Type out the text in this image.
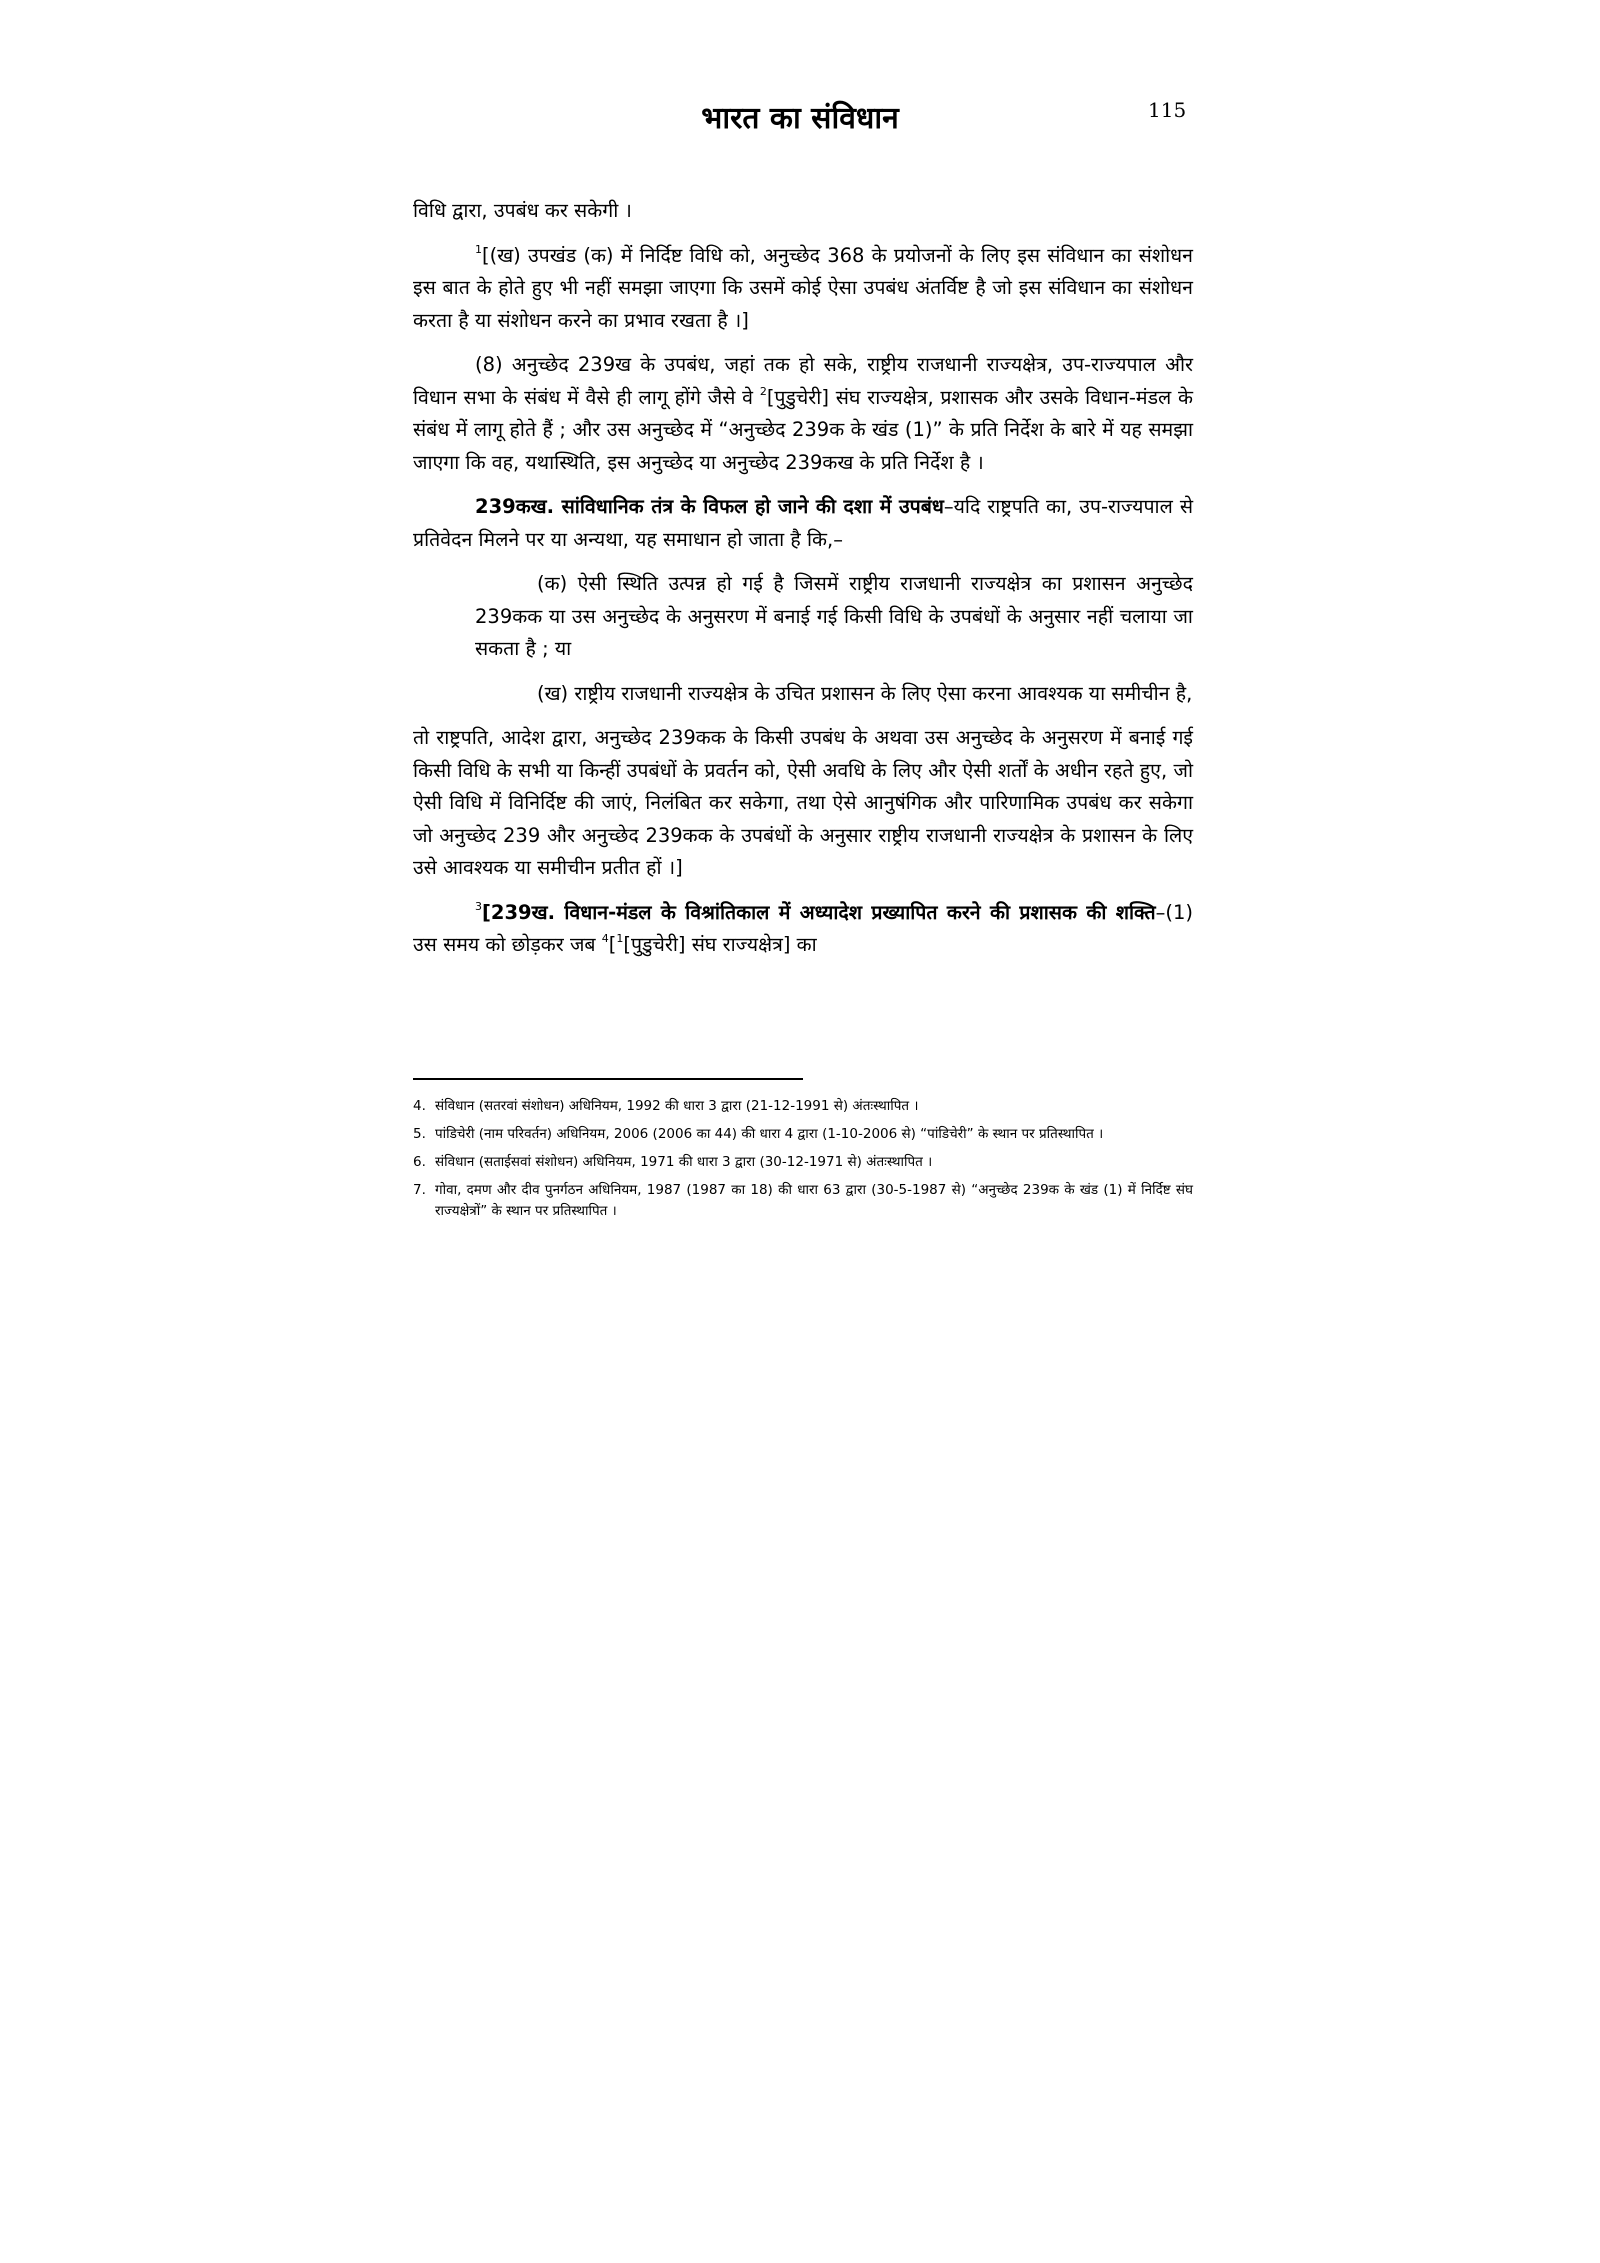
भारत का संविधान	115

विधि द्वारा, उपबंध कर सकेगी ।

$^1$[(ख) उपखंड (क) में निर्दिष्ट विधि को, अनुच्छेद 368 के प्रयोजनों के लिए इस संविधान का संशोधन इस बात के होते हुए भी नहीं समझा जाएगा कि उसमें कोई ऐसा उपबंध अंतर्विष्ट है जो इस संविधान का संशोधन करता है या संशोधन करने का प्रभाव रखता है ।]

(8) अनुच्छेद 239ख के उपबंध, जहां तक हो सके, राष्ट्रीय राजधानी राज्यक्षेत्र, उप-राज्यपाल और विधान सभा के संबंध में वैसे ही लागू होंगे जैसे वे $^2$[पुडुचेरी] संघ राज्यक्षेत्र, प्रशासक और उसके विधान-मंडल के संबंध में लागू होते हैं ; और उस अनुच्छेद में “अनुच्छेद 239क के खंड (1)” के प्रति निर्देश के बारे में यह समझा जाएगा कि वह, यथास्थिति, इस अनुच्छेद या अनुच्छेद 239कख के प्रति निर्देश है ।

239कख. सांविधानिक तंत्र के विफल हो जाने की दशा में उपबंध–यदि राष्ट्रपति का, उप-राज्यपाल से प्रतिवेदन मिलने पर या अन्यथा, यह समाधान हो जाता है कि,–

(क) ऐसी स्थिति उत्पन्न हो गई है जिसमें राष्ट्रीय राजधानी राज्यक्षेत्र का प्रशासन अनुच्छेद 239कक या उस अनुच्छेद के अनुसरण में बनाई गई किसी विधि के उपबंधों के अनुसार नहीं चलाया जा सकता है ; या

(ख) राष्ट्रीय राजधानी राज्यक्षेत्र के उचित प्रशासन के लिए ऐसा करना आवश्यक या समीचीन है,

तो राष्ट्रपति, आदेश द्वारा, अनुच्छेद 239कक के किसी उपबंध के अथवा उस अनुच्छेद के अनुसरण में बनाई गई किसी विधि के सभी या किन्हीं उपबंधों के प्रवर्तन को, ऐसी अवधि के लिए और ऐसी शर्तों के अधीन रहते हुए, जो ऐसी विधि में विनिर्दिष्ट की जाएं, निलंबित कर सकेगा, तथा ऐसे आनुषंगिक और पारिणामिक उपबंध कर सकेगा जो अनुच्छेद 239 और अनुच्छेद 239कक के उपबंधों के अनुसार राष्ट्रीय राजधानी राज्यक्षेत्र के प्रशासन के लिए उसे आवश्यक या समीचीन प्रतीत हों ।]

$^3$[239ख. विधान-मंडल के विश्रांतिकाल में अध्यादेश प्रख्यापित करने की प्रशासक की शक्ति–(1) उस समय को छोड़कर जब $^4$[$^1$[पुडुचेरी] संघ राज्यक्षेत्र] का

4. संविधान (सतरवां संशोधन) अधिनियम, 1992 की धारा 3 द्वारा (21-12-1991 से) अंतःस्थापित ।
5. पांडिचेरी (नाम परिवर्तन) अधिनियम, 2006 (2006 का 44) की धारा 4 द्वारा (1-10-2006 से) “पांडिचेरी” के स्थान पर प्रतिस्थापित ।
6. संविधान (सताईसवां संशोधन) अधिनियम, 1971 की धारा 3 द्वारा (30-12-1971 से) अंतःस्थापित ।
7. गोवा, दमण और दीव पुनर्गठन अधिनियम, 1987 (1987 का 18) की धारा 63 द्वारा (30-5-1987 से) “अनुच्छेद 239क के खंड (1) में निर्दिष्ट संघ राज्यक्षेत्रों” के स्थान पर प्रतिस्थापित ।
